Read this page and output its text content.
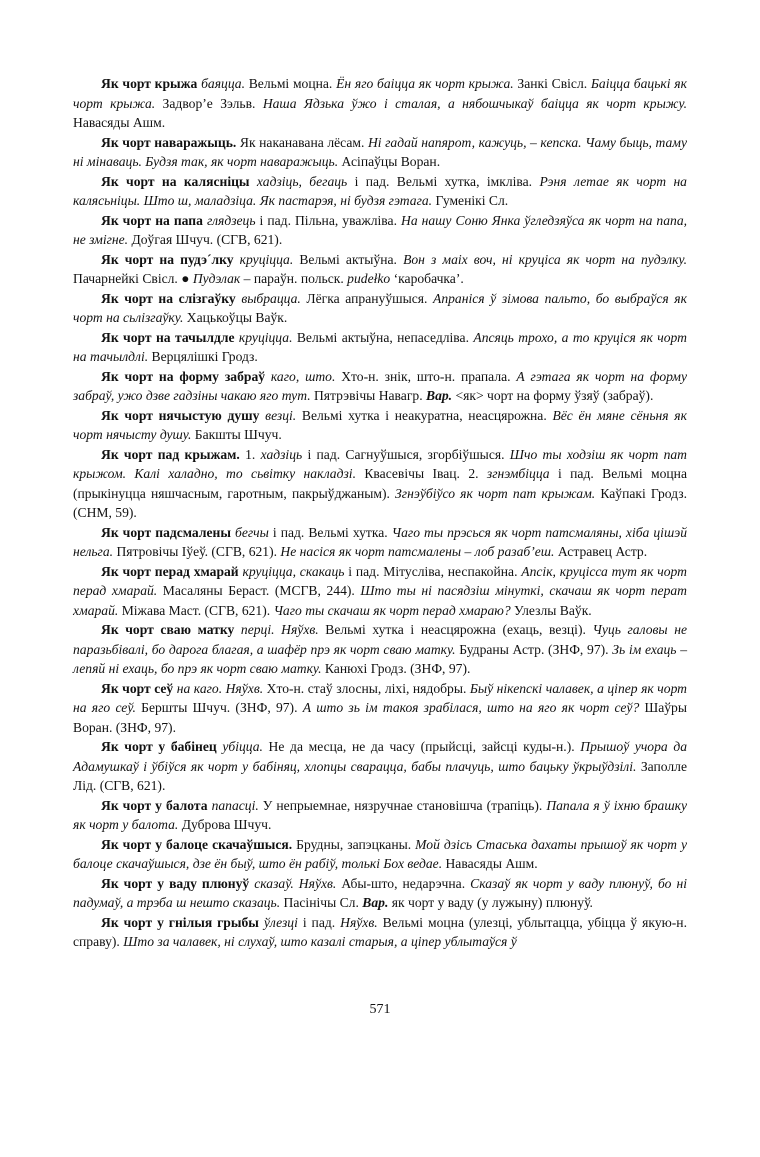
Як чорт крыжа баяцца. Вельмі моцна. Ён яго баіцца як чорт крыжа. Занкі Свісл. Баіцца бацькі як чорт крыжа. Задвор’е Зэльв. Наша Ядзька ўжо і сталая, а нябошчыкаў баіцца як чорт крыжу. Навасяды Ашм.

Як чорт наваражыць. Як наканавана лёсам. Ні гадай напярот, кажуць, – кепска. Чаму быць, таму ні мінаваць. Будзя так, як чорт наваражыць. Асіпаўцы Воран.

Як чорт на калясніцы хадзіць, бегаць і пад. Вельмі хутка, імкліва. Рэня летае як чорт на калясьніцы. Што ш, маладзіца. Як пастарэя, ні будзя гэтага. Гуменікі Сл.

Як чорт на папа глядзець і пад. Пільна, уважліва. На нашу Соню Янка ўгледзяўса як чорт на папа, не змігне. Доўгая Шчуч. (СГВ, 621).

Як чорт на пудэ´лку круціцца. Вельмі актыўна. Вон з маіх воч, ні круціса як чорт на пудэлку. Пачарнейкі Свісл. ● Пудэлак – параўн. польск. pudełko ‘каробачка’.

Як чорт на слізгаўку выбрацца. Лёгка апрануўшыся. Апраніся ў зімова пальто, бо выбраўся як чорт на сьлізгаўку. Хацькоўцы Ваўк.

Як чорт на тачылдле круціцца. Вельмі актыўна, непаседліва. Апсяць трохо, а то круціся як чорт на тачылдлі. Верцялішкі Гродз.

Як чорт на форму забраў каго, што. Хто-н. знік, што-н. прапала. А гэтага як чорт на форму забраў, ужо дзве гадзіны чакаю яго тут. Пятрэвічы Навагр. Вар. <як> чорт на форму ўзяў (забраў).

Як чорт нячыстую душу везці. Вельмі хутка і неакуратна, неасцярожна. Вёс ён мяне сёньня як чорт нячысту душу. Бакшты Шчуч.

Як чорт пад крыжам. 1. хадзіць і пад. Сагнуўшыся, згорбіўшыся. Шчо ты ходзіш як чорт пат крыжом. Калі халадно, то сьвітку накладзі. Квасевічы Івац. 2. згнэмбіцца і пад. Вельмі моцна (прыкінуцца няшчасным, гаротным, пакрыўджаным). Згнэўбіўсо як чорт пат крыжам. Каўпакі Гродз. (СНМ, 59).

Як чорт падсмалены бегчы і пад. Вельмі хутка. Чаго ты прэсься як чорт патсмаляны, хіба цішэй нельга. Пятровічы Іўеў. (СГВ, 621). Не насіся як чорт патсмалены – лоб разаб’еш. Астравец Астр.

Як чорт перад хмарай круціцца, скакаць і пад. Мітусліва, неспакойна. Апсік, круціcса тут як чорт перад хмарай. Масаляны Бераст. (МСГВ, 244). Што ты ні пасядзіш мінуткі, скачаш як чорт перат хмарай. Міжава Маст. (СГВ, 621). Чаго ты скачаш як чорт перад хмараю? Улезлы Ваўк.

Як чорт сваю матку перці. Няўхв. Вельмі хутка і неасцярожна (ехаць, везці). Чуць галовы не паразьбівалі, бо дарога благая, а шафёр прэ як чорт сваю матку. Будраны Астр. (ЗНФ, 97). Зь ім ехаць – лепяй ні ехаць, бо прэ як чорт сваю матку. Канюхі Гродз. (ЗНФ, 97).

Як чорт сеў на каго. Няўхв. Хто-н. стаў злосны, ліхі, нядобры. Быў нікепскі чалавек, а ціпер як чорт на яго сеў. Бершты Шчуч. (ЗНФ, 97). А што зь ім такоя зрабілася, што на яго як чорт сеў? Шаўры Воран. (ЗНФ, 97).

Як чорт у бабінец убіцца. Не да месца, не да часу (прыйсці, зайсці куды-н.). Прышоў учора да Адамушкаў і ўбіўся як чорт у бабіняц, хлопцы сварацца, бабы плачуць, што бацьку ўкрыўдзілі. Заполле Лід. (СГВ, 621).

Як чорт у балота папасці. У непрыемнае, нязручнае становішча (трапіць). Папала я ў іхню брашку як чорт у балота. Дуброва Шчуч.

Як чорт у балоце скачаўшыся. Брудны, запэцканы. Мой дзісь Стаська дахаты прышоў як чорт у балоце скачаўшыся, дзе ён быў, што ён рабіў, толькі Бох ведае. Навасяды Ашм.

Як чорт у ваду плюнуў сказаў. Няўхв. Абы-што, недарэчна. Сказаў як чорт у ваду плюнуў, бо ні падумаў, а трэба ш нешто сказаць. Пасінічы Сл. Вар. як чорт у ваду (у лужыну) плюнуў.

Як чорт у гнілыя грыбы ўлезці і пад. Няўхв. Вельмі моцна (улезці, ублытацца, убіцца ў якую-н. справу). Што за чалавек, ні слухаў, што казалі старыя, а ціпер ублытаўся ў

571
